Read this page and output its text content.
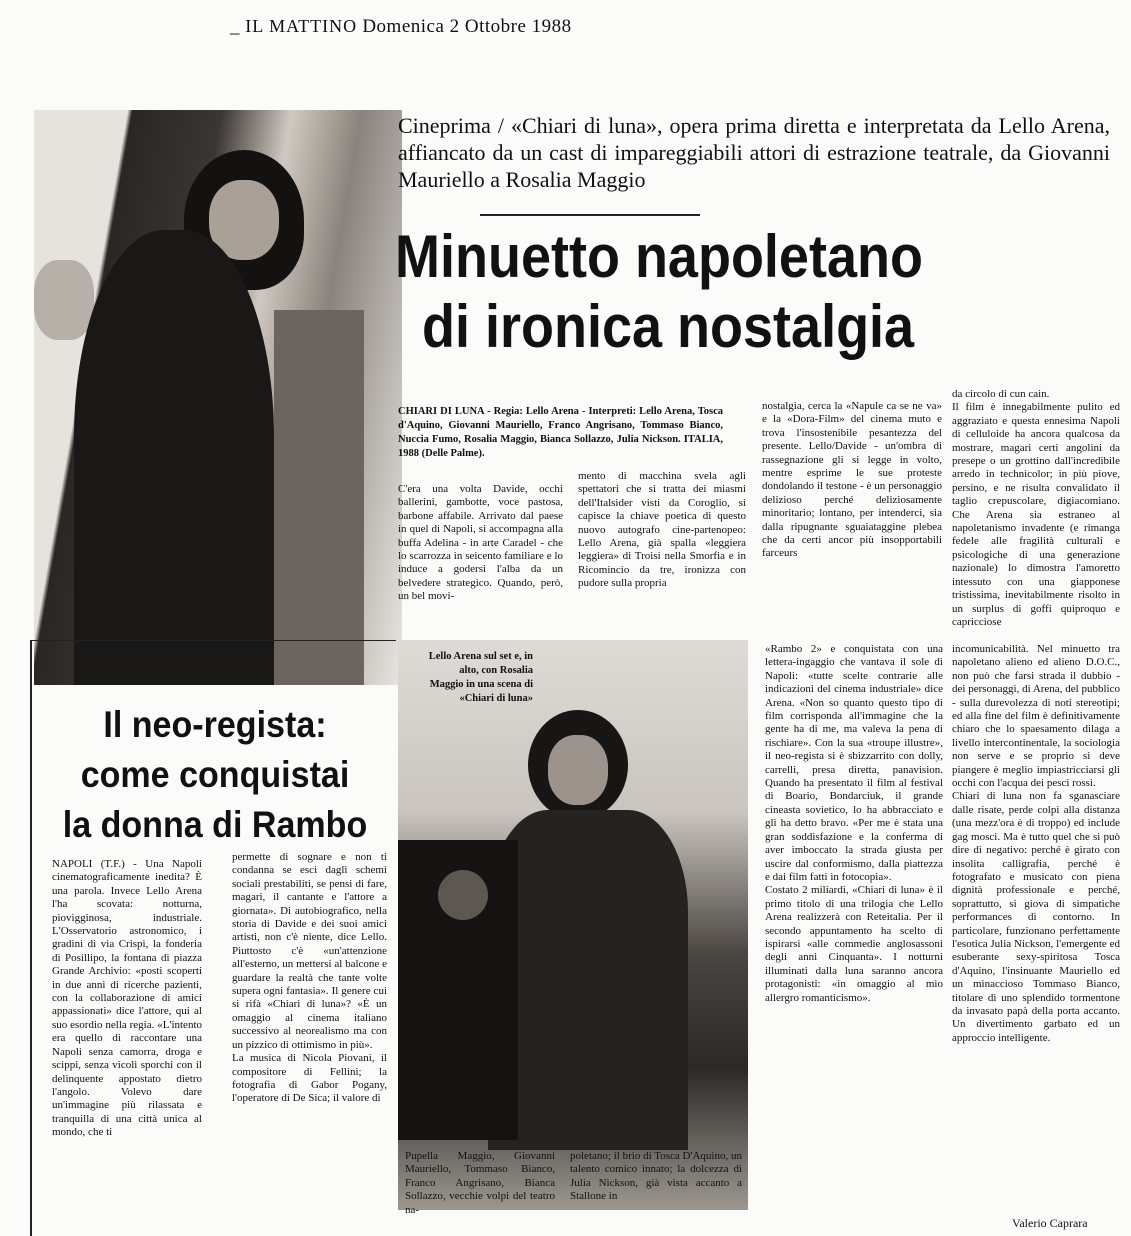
_ IL MATTINO Domenica 2 Ottobre 1988
Cineprima / «Chiari di luna», opera prima diretta e interpretata da Lello Arena, affiancato da un cast di impareggiabili attori di estrazione teatrale, da Giovanni Mauriello a Rosalia Maggio
Minuetto napoletano
di ironica nostalgia
CHIARI DI LUNA - Regia: Lello Arena - Interpreti: Lello Arena, Tosca d'Aquino, Giovanni Mauriello, Franco Angrisano, Tommaso Bianco, Nuccia Fumo, Rosalia Maggio, Bianca Sollazzo, Julia Nickson. ITALIA, 1988 (Delle Palme).
C'era una volta Davide, occhi ballerini, gambotte, voce pastosa, barbone affabile. Arrivato dal paese in quel di Napoli, si accompagna alla buffa Adelina - in arte Caradel - che lo scarrozza in seicento familiare e lo induce a godersi l'alba da un belvedere strategico. Quando, però, un bel movi-
mento di macchina svela agli spettatori che si tratta dei miasmi dell'Italsider visti da Coroglio, si capisce la chiave poetica di questo nuovo autografo cine-partenopeo: Lello Arena, già spalla «leggiera leggiera» di Troisi nella Smorfia e in Ricomincio da tre, ironizza con pudore sulla propria
nostalgia, cerca la «Napule ca se ne va» e la «Dora-Film» del cinema muto e trova l'insostenibile pesantezza del presente. Lello/Davide - un'ombra di rassegnazione gli si legge in volto, mentre esprime le sue proteste dondolando il testone - è un personaggio delizioso perché deliziosamente minoritario; lontano, per intenderci, sia dalla ripugnante sguaiataggine plebea che da certi ancor più insopportabili farceurs
da circolo di cun cain.
Il film è innegabilmente pulito ed aggraziato e questa ennesima Napoli di celluloide ha ancora qualcosa da mostrare, magari certi angolini da presepe o un grottino dall'incredibile arredo in technicolor; in più piove, persino, e ne risulta convalidato il taglio crepuscolare, digiacomiano. Che Arena sia estraneo al napoletanismo invadente (e rimanga fedele alle fragilità culturali e psicologiche di una generazione nazionale) lo dimostra l'amoretto intessuto con una giapponese tristissima, inevitabilmente risolto in un surplus di goffi quiproquo e capricciose
Il neo-regista:
come conquistai
la donna di Rambo
NAPOLI (T.F.) - Una Napoli cinematograficamente inedita? È una parola. Invece Lello Arena l'ha scovata: notturna, piovigginosa, industriale. L'Osservatorio astronomico, i gradini di via Crispi, la fonderia di Posillipo, la fontana di piazza Grande Archivio: «posti scoperti in due anni di ricerche pazienti, con la collaborazione di amici appassionati» dice l'attore, qui al suo esordio nella regia. «L'intento era quello di raccontare una Napoli senza camorra, droga e scippi, senza vicoli sporchi con il delinquente appostato dietro l'angolo. Volevo dare un'immagine più rilassata e tranquilla di una città unica al mondo, che ti
permette di sognare e non ti condanna se esci dagli schemi sociali prestabiliti, se pensi di fare, magari, il cantante e l'attore a giornata». Di autobiografico, nella storia di Davide e dei suoi amici artisti, non c'è niente, dice Lello. Piuttosto c'è «un'attenzione all'esterno, un mettersi al balcone e guardare la realtà che tante volte supera ogni fantasia». Il genere cui si rifà «Chiari di luna»? «È un omaggio al cinema italiano successivo al neorealismo ma con un pizzico di ottimismo in più».
La musica di Nicola Piovani, il compositore di Fellini; la fotografia di Gabor Pogany, l'operatore di De Sica; il valore di
Lello Arena sul set e, in alto, con Rosalia Maggio in una scena di «Chiari di luna»
Pupella Maggio, Giovanni Mauriello, Tommaso Bianco, Franco Angrisano, Bianca Sollazzo, vecchie volpi del teatro na-
poletano; il brio di Tosca D'Aquino, un talento comico innato; la dolcezza di Julia Nickson, già vista accanto a Stallone in
«Rambo 2» e conquistata con una lettera-ingaggio che vantava il sole di Napoli: «tutte scelte contrarie alle indicazioni del cinema industriale» dice Arena. «Non so quanto questo tipo di film corrisponda all'immagine che la gente ha di me, ma valeva la pena di rischiare». Con la sua «troupe illustre», il neo-regista si è sbizzarrito con dolly, carrelli, presa diretta, panavision. Quando ha presentato il film al festival di Boario, Bondarciuk, il grande cineasta sovietico, lo ha abbracciato e gli ha detto bravo. «Per me è stata una gran soddisfazione e la conferma di aver imboccato la strada giusta per uscire dal conformismo, dalla piattezza e dai film fatti in fotocopia».
Costato 2 miliardi, «Chiari di luna» è il primo titolo di una trilogia che Lello Arena realizzerà con Reteitalia. Per il secondo appuntamento ha scelto di ispirarsi «alle commedie anglosassoni degli anni Cinquanta». I notturni illuminati dalla luna saranno ancora protagonisti: «in omaggio al mio allergro romanticismo».
incomunicabilità. Nel minuetto tra napoletano alieno ed alieno D.O.C., non può che farsi strada il dubbio - dei personaggi, di Arena, del pubblico - sulla durevolezza di noti stereotipi; ed alla fine del film è definitivamente chiaro che lo spaesamento dilaga a livello intercontinentale, la sociologia non serve e se proprio si deve piangere è meglio impiastricciarsi gli occhi con l'acqua dei pesci rossi.
Chiari di luna non fa sganasciare dalle risate, perde colpi alla distanza (una mezz'ora è di troppo) ed include gag mosci. Ma è tutto quel che si può dire di negativo: perché è girato con insolita calligrafia, perché è fotografato e musicato con piena dignità professionale e perché, soprattutto, si giova di simpatiche performances di contorno. In particolare, funzionano perfettamente l'esotica Julia Nickson, l'emergente ed esuberante sexy-spiritosa Tosca d'Aquino, l'insinuante Mauriello ed un minaccioso Tommaso Bianco, titolare di uno splendido tormentone da invasato papà della porta accanto. Un divertimento garbato ed un approccio intelligente.
Valerio Caprara
